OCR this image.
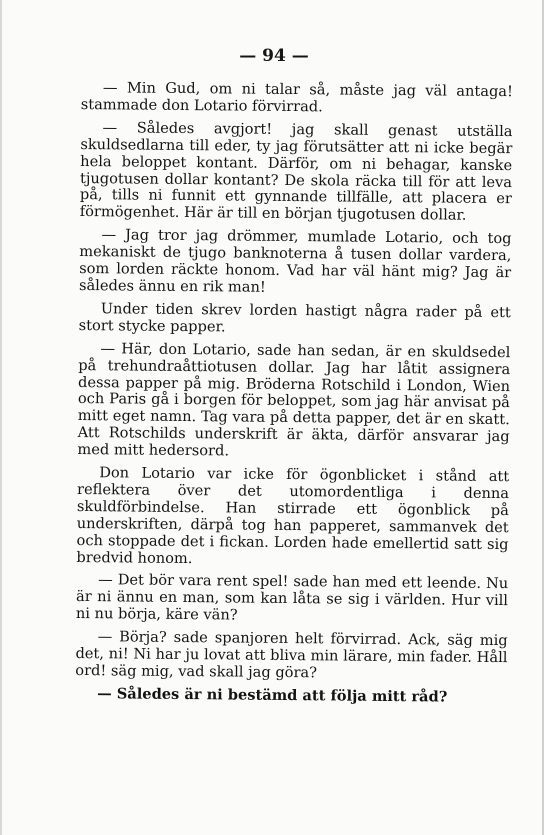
— 94 —

— Min Gud, om ni talar så, måste jag väl antaga! stammade don Lotario förvirrad.

— Således avgjort! jag skall genast utställa skuldsedlarna till eder, ty jag förutsätter att ni icke begär hela beloppet kontant. Därför, om ni behagar, kanske tjugotusen dollar kontant? De skola räcka till för att leva på, tills ni funnit ett gynnande tillfälle, att placera er förmögenhet. Här är till en början tjugotusen dollar.

— Jag tror jag drömmer, mumlade Lotario, och tog mekaniskt de tjugo banknoterna å tusen dollar vardera, som lorden räckte honom. Vad har väl hänt mig? Jag är således ännu en rik man!

Under tiden skrev lorden hastigt några rader på ett stort stycke papper.

— Här, don Lotario, sade han sedan, är en skuldsedel på trehundraåttiotusen dollar. Jag har låtit assignera dessa papper på mig. Bröderna Rotschild i London, Wien och Paris gå i borgen för beloppet, som jag här anvisat på mitt eget namn. Tag vara på detta papper, det är en skatt. Att Rotschilds underskrift är äkta, därför ansvarar jag med mitt hedersord.

Don Lotario var icke för ögonblicket i stånd att reflektera över det utomordentliga i denna skuldförbindelse. Han stirrade ett ögonblick på underskriften, därpå tog han papperet, sammanvek det och stoppade det i fickan. Lorden hade emellertid satt sig bredvid honom.

— Det bör vara rent spel! sade han med ett leende. Nu är ni ännu en man, som kan låta se sig i världen. Hur vill ni nu börja, käre vän?

— Börja? sade spanjoren helt förvirrad. Ack, säg mig det, ni! Ni har ju lovat att bliva min lärare, min fader. Håll ord! säg mig, vad skall jag göra?

— Således är ni bestämd att följa mitt råd?
